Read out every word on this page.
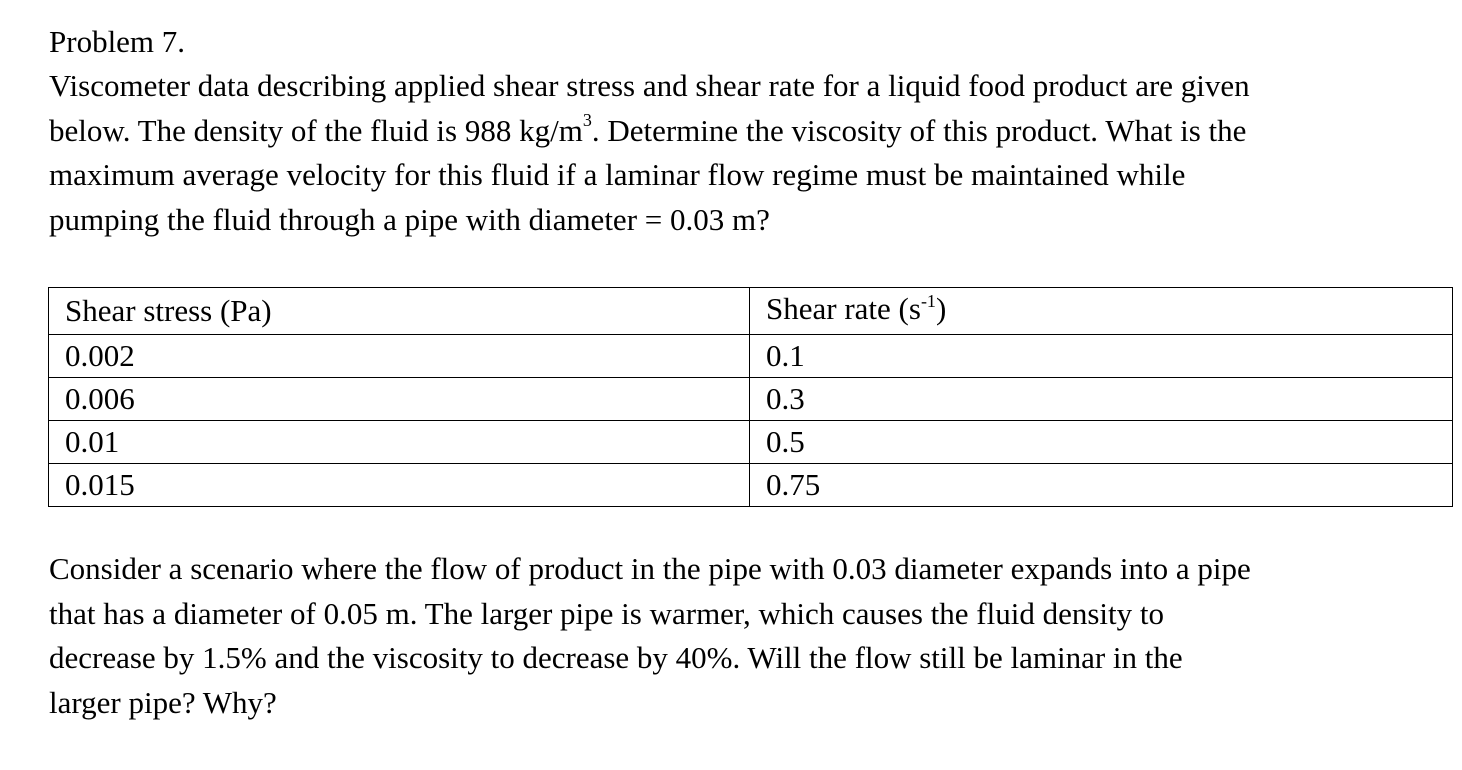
Problem 7.
Viscometer data describing applied shear stress and shear rate for a liquid food product are given
below. The density of the fluid is 988 $kg/m^3$. Determine the viscosity of this product. What is the
maximum average velocity for this fluid if a laminar flow regime must be maintained while
pumping the fluid through a pipe with diameter = 0.03 m?
Shear stress (Pa)	Shear rate $(s^{-1})$
0.002	0.1
0.006	0.3
0.01	0.5
0.015	0.75
Consider a scenario where the flow of product in the pipe with 0.03 diameter expands into a pipe
that has a diameter of 0.05 m. The larger pipe is warmer, which causes the fluid density to
decrease by 1.5% and the viscosity to decrease by 40%. Will the flow still be laminar in the
larger pipe? Why?
